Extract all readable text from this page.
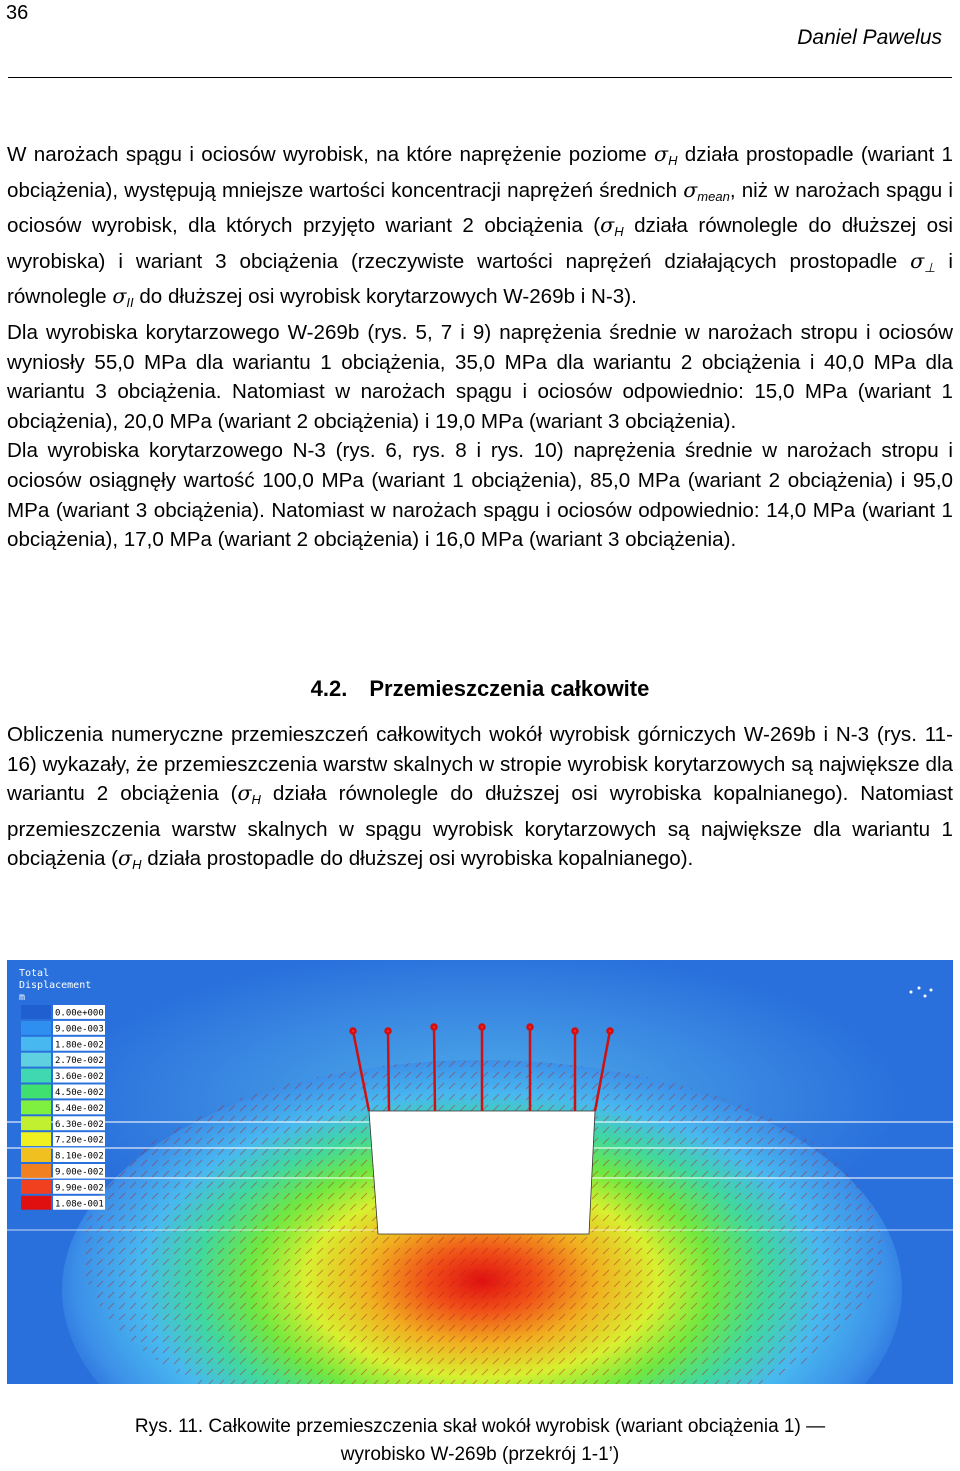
36
Daniel Pawelus

W narożach spągu i ociosów wyrobisk, na które naprężenie poziome $\sigma_H$ działa prostopadle (wariant 1 obciążenia), występują mniejsze wartości koncentracji naprężeń średnich $\sigma_{mean}$, niż w narożach spągu i ociosów wyrobisk, dla których przyjęto wariant 2 obciążenia ($\sigma_H$ działa równolegle do dłuższej osi wyrobiska) i wariant 3 obciążenia (rzeczywiste wartości naprężeń działających prostopadle $\sigma_\perp$ i równolegle $\sigma_{II}$ do dłuższej osi wyrobisk korytarzowych W-269b i N-3).

Dla wyrobiska korytarzowego W-269b (rys. 5, 7 i 9) naprężenia średnie w narożach stropu i ociosów wyniosły 55,0 MPa dla wariantu 1 obciążenia, 35,0 MPa dla wariantu 2 obciążenia i 40,0 MPa dla wariantu 3 obciążenia. Natomiast w narożach spągu i ociosów odpowiednio: 15,0 MPa (wariant 1 obciążenia), 20,0 MPa (wariant 2 obciążenia) i 19,0 MPa (wariant 3 obciążenia).

Dla wyrobiska korytarzowego N-3 (rys. 6, rys. 8 i rys. 10) naprężenia średnie w narożach stropu i ociosów osiągnęły wartość 100,0 MPa (wariant 1 obciążenia), 85,0 MPa (wariant 2 obciążenia) i 95,0 MPa (wariant 3 obciążenia). Natomiast w narożach spągu i ociosów odpowiednio: 14,0 MPa (wariant 1 obciążenia), 17,0 MPa (wariant 2 obciążenia) i 16,0 MPa (wariant 3 obciążenia).

4.2. Przemieszczenia całkowite

Obliczenia numeryczne przemieszczeń całkowitych wokół wyrobisk górniczych W-269b i N-3 (rys. 11-16) wykazały, że przemieszczenia warstw skalnych w stropie wyrobisk korytarzowych są największe dla wariantu 2 obciążenia ($\sigma_H$ działa równolegle do dłuższej osi wyrobiska kopalnianego). Natomiast przemieszczenia warstw skalnych w spągu wyrobisk korytarzowych są największe dla wariantu 1 obciążenia ($\sigma_H$ działa prostopadle do dłuższej osi wyrobiska kopalnianego).

Total
Displacement
m
0.00e+000
9.00e-003
1.80e-002
2.70e-002
3.60e-002
4.50e-002
5.40e-002
6.30e-002
7.20e-002
8.10e-002
9.00e-002
9.90e-002
1.08e-001
Rys. 11. Całkowite przemieszczenia skał wokół wyrobisk (wariant obciążenia 1) —
wyrobisko W-269b (przekrój 1-1’)
